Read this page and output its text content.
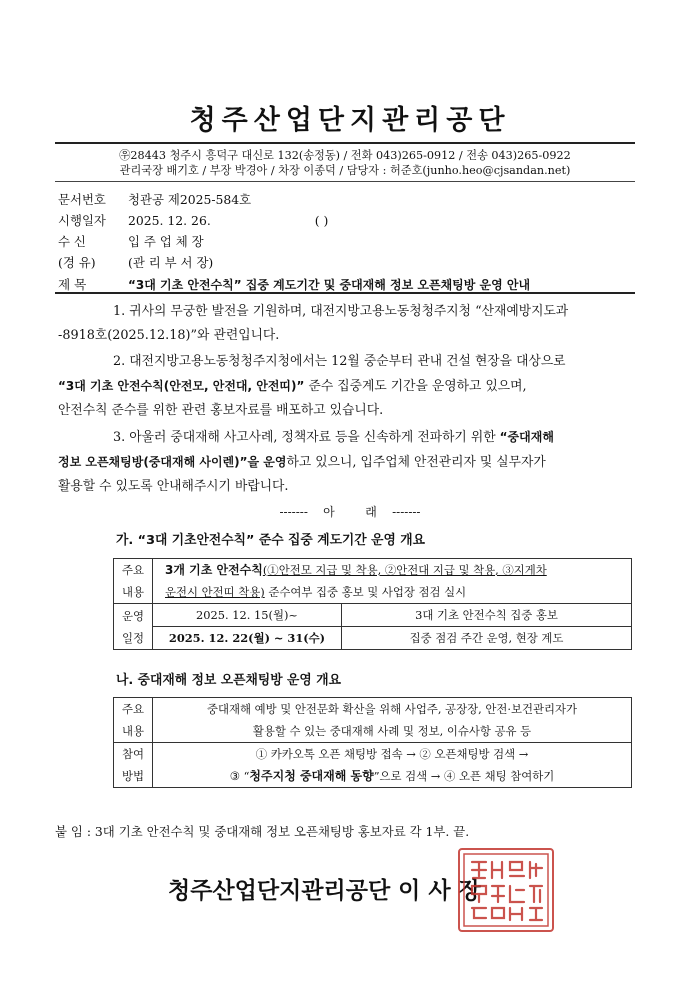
청주산업단지관리공단
㉾28443 청주시 흥덕구 대신로 132(송정동) / 전화 043)265-0912 / 전송 043)265-0922
관리국장 배기호 / 부장 박경아 / 차장 이종덕 / 담당자 : 허준호(junho.heo@cjsandan.net)
문서번호 청관공 제2025-584호
시행일자 2025. 12. 26.	( )
수 신	입 주 업 체 장
(경 유)	(관 리 부 서 장)
제 목	“3대 기초 안전수칙” 집중 계도기간 및 중대재해 정보 오픈채팅방 운영 안내

1. 귀사의 무궁한 발전을 기원하며, 대전지방고용노동청청주지청 “산재예방지도과

-8918호(2025.12.18)”와 관련입니다.

2. 대전지방고용노동청청주지청에서는 12월 중순부터 관내 건설 현장을 대상으로

“3대 기초 안전수칙(안전모, 안전대, 안전띠)” 준수 집중계도 기간을 운영하고 있으며,

안전수칙 준수를 위한 관련 홍보자료를 배포하고 있습니다.

3. 아울러 중대재해 사고사례, 정책자료 등을 신속하게 전파하기 위한 “중대재해

정보 오픈채팅방(중대재해 사이렌)”을 운영하고 있으니, 입주업체 안전관리자 및 실무자가

활용할 수 있도록 안내해주시기 바랍니다.

-------    아        래    -------
가. “3대 기초안전수칙” 준수 집중 계도기간 운영 개요
주요
내용	3개 기초 안전수칙(①안전모 지급 및 착용, ②안전대 지급 및 착용, ③지게차
운전시 안전띠 착용) 준수여부 집중 홍보 및 사업장 점검 실시	
운영
일정	2025. 12. 15(월)~	3대 기초 안전수칙 집중 홍보
	2025. 12. 22(월) ~ 31(수)	집중 점검 주간 운영, 현장 계도
나. 중대재해 정보 오픈채팅방 운영 개요
주요
내용	중대재해 예방 및 안전문화 확산을 위해 사업주, 공장장, 안전·보건관리자가
활용할 수 있는 중대재해 사례 및 정보, 이슈사항 공유 등
참여
방법	① 카카오톡 오픈 채팅방 접속 → ② 오픈채팅방 검색 →
③ “청주지청 중대재해 동향”으로 검색 → ④ 오픈 채팅 참여하기
붙 임 : 3대 기초 안전수칙 및 중대재해 정보 오픈채팅방 홍보자료 각 1부. 끝.
청주산업단지관리공단 이 사 장
